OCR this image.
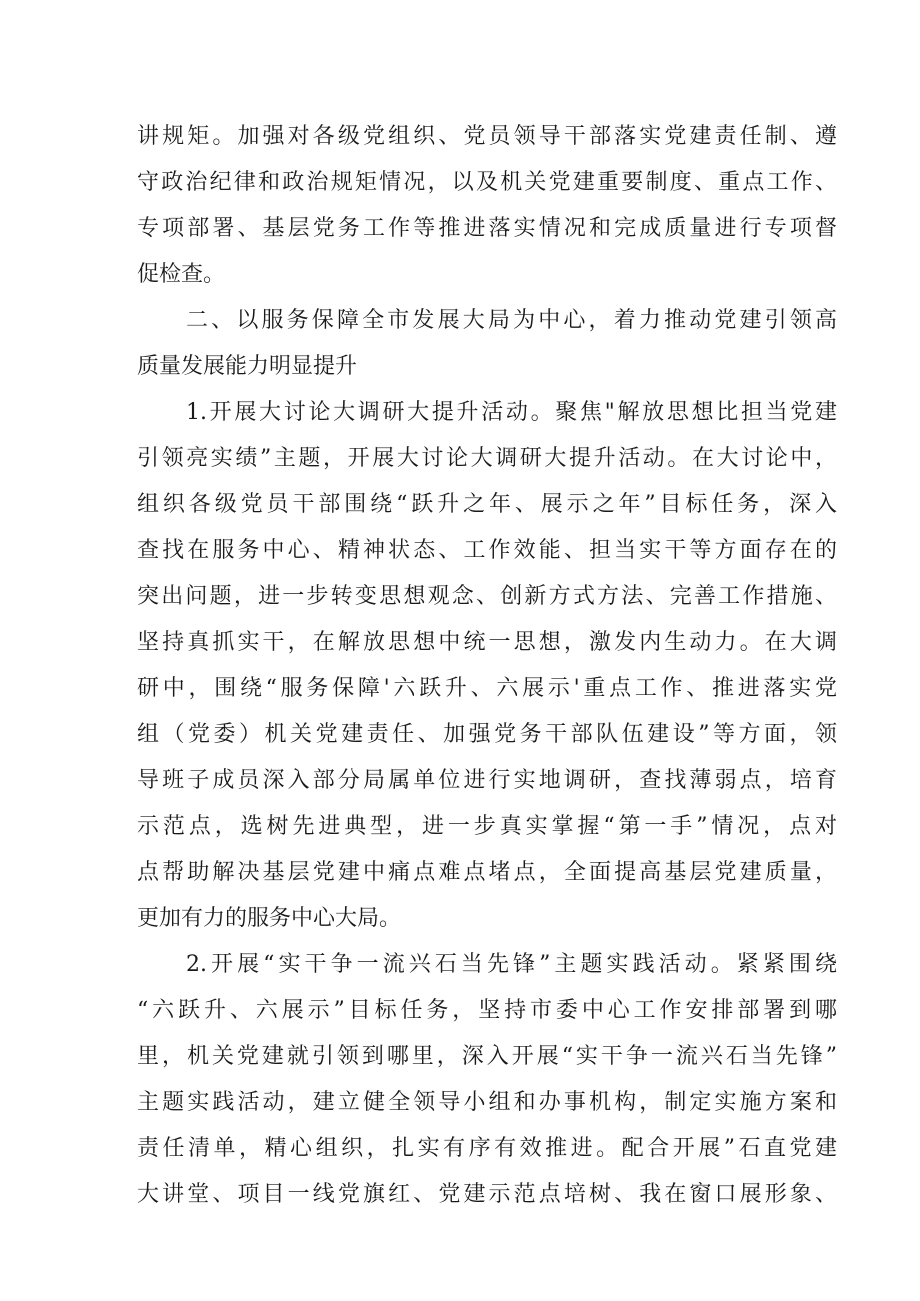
讲规矩。加强对各级党组织、党员领导干部落实党建责任制、遵
守政治纪律和政治规矩情况，以及机关党建重要制度、重点工作、
专项部署、基层党务工作等推进落实情况和完成质量进行专项督
促检查。
二、以服务保障全市发展大局为中心，着力推动党建引领高
质量发展能力明显提升
1.开展大讨论大调研大提升活动。聚焦"解放思想比担当党建
引领亮实绩”主题，开展大讨论大调研大提升活动。在大讨论中，
组织各级党员干部围绕“跃升之年、展示之年”目标任务，深入
查找在服务中心、精神状态、工作效能、担当实干等方面存在的
突出问题，进一步转变思想观念、创新方式方法、完善工作措施、
坚持真抓实干，在解放思想中统一思想，激发内生动力。在大调
研中，围绕“服务保障'六跃升、六展示'重点工作、推进落实党
组（党委）机关党建责任、加强党务干部队伍建设”等方面，领
导班子成员深入部分局属单位进行实地调研，查找薄弱点，培育
示范点，选树先进典型，进一步真实掌握“第一手”情况，点对
点帮助解决基层党建中痛点难点堵点，全面提高基层党建质量，
更加有力的服务中心大局。
2.开展“实干争一流兴石当先锋”主题实践活动。紧紧围绕
“六跃升、六展示”目标任务，坚持市委中心工作安排部署到哪
里，机关党建就引领到哪里，深入开展“实干争一流兴石当先锋”
主题实践活动，建立健全领导小组和办事机构，制定实施方案和
责任清单，精心组织，扎实有序有效推进。配合开展”石直党建
大讲堂、项目一线党旗红、党建示范点培树、我在窗口展形象、
